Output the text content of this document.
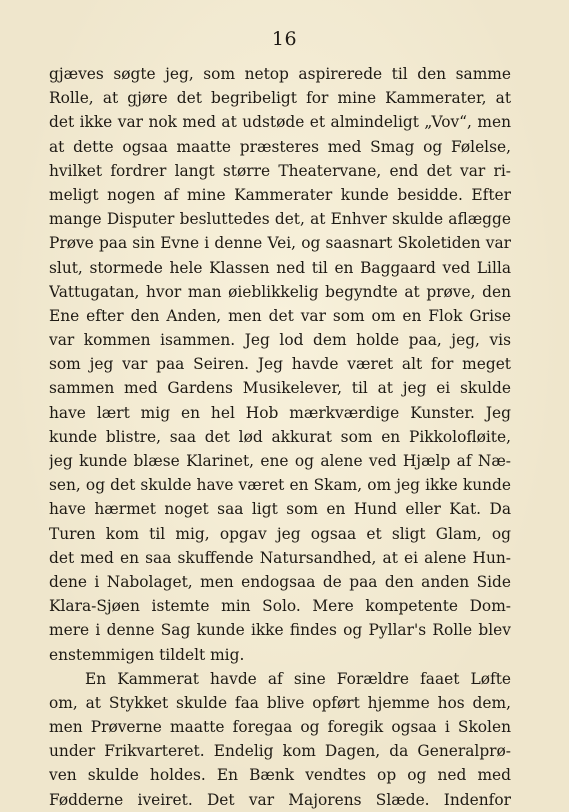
16
gjæves søgte jeg, som netop aspirerede til den samme
Rolle, at gjøre det begribeligt for mine Kammerater, at
det ikke var nok med at udstøde et almindeligt „Vov“, men
at dette ogsaa maatte præsteres med Smag og Følelse,
hvilket fordrer langt større Theatervane, end det var ri-
meligt nogen af mine Kammerater kunde besidde. Efter
mange Disputer besluttedes det, at Enhver skulde aflægge
Prøve paa sin Evne i denne Vei, og saasnart Skoletiden var
slut, stormede hele Klassen ned til en Baggaard ved Lilla
Vattugatan, hvor man øieblikkelig begyndte at prøve, den
Ene efter den Anden, men det var som om en Flok Grise
var kommen isammen. Jeg lod dem holde paa, jeg, vis
som jeg var paa Seiren. Jeg havde været alt for meget
sammen med Gardens Musikelever, til at jeg ei skulde
have lært mig en hel Hob mærkværdige Kunster. Jeg
kunde blistre, saa det lød akkurat som en Pikkolofløite,
jeg kunde blæse Klarinet, ene og alene ved Hjælp af Næ-
sen, og det skulde have været en Skam, om jeg ikke kunde
have hærmet noget saa ligt som en Hund eller Kat. Da
Turen kom til mig, opgav jeg ogsaa et sligt Glam, og
det med en saa skuffende Natursandhed, at ei alene Hun-
dene i Nabolaget, men endogsaa de paa den anden Side
Klara-Sjøen istemte min Solo. Mere kompetente Dom-
mere i denne Sag kunde ikke findes og Pyllar's Rolle blev
enstemmigen tildelt mig.
En Kammerat havde af sine Forældre faaet Løfte
om, at Stykket skulde faa blive opført hjemme hos dem,
men Prøverne maatte foregaa og foregik ogsaa i Skolen
under Frikvarteret. Endelig kom Dagen, da Generalprø-
ven skulde holdes. En Bænk vendtes op og ned med
Fødderne iveiret. Det var Majorens Slæde. Indenfor
